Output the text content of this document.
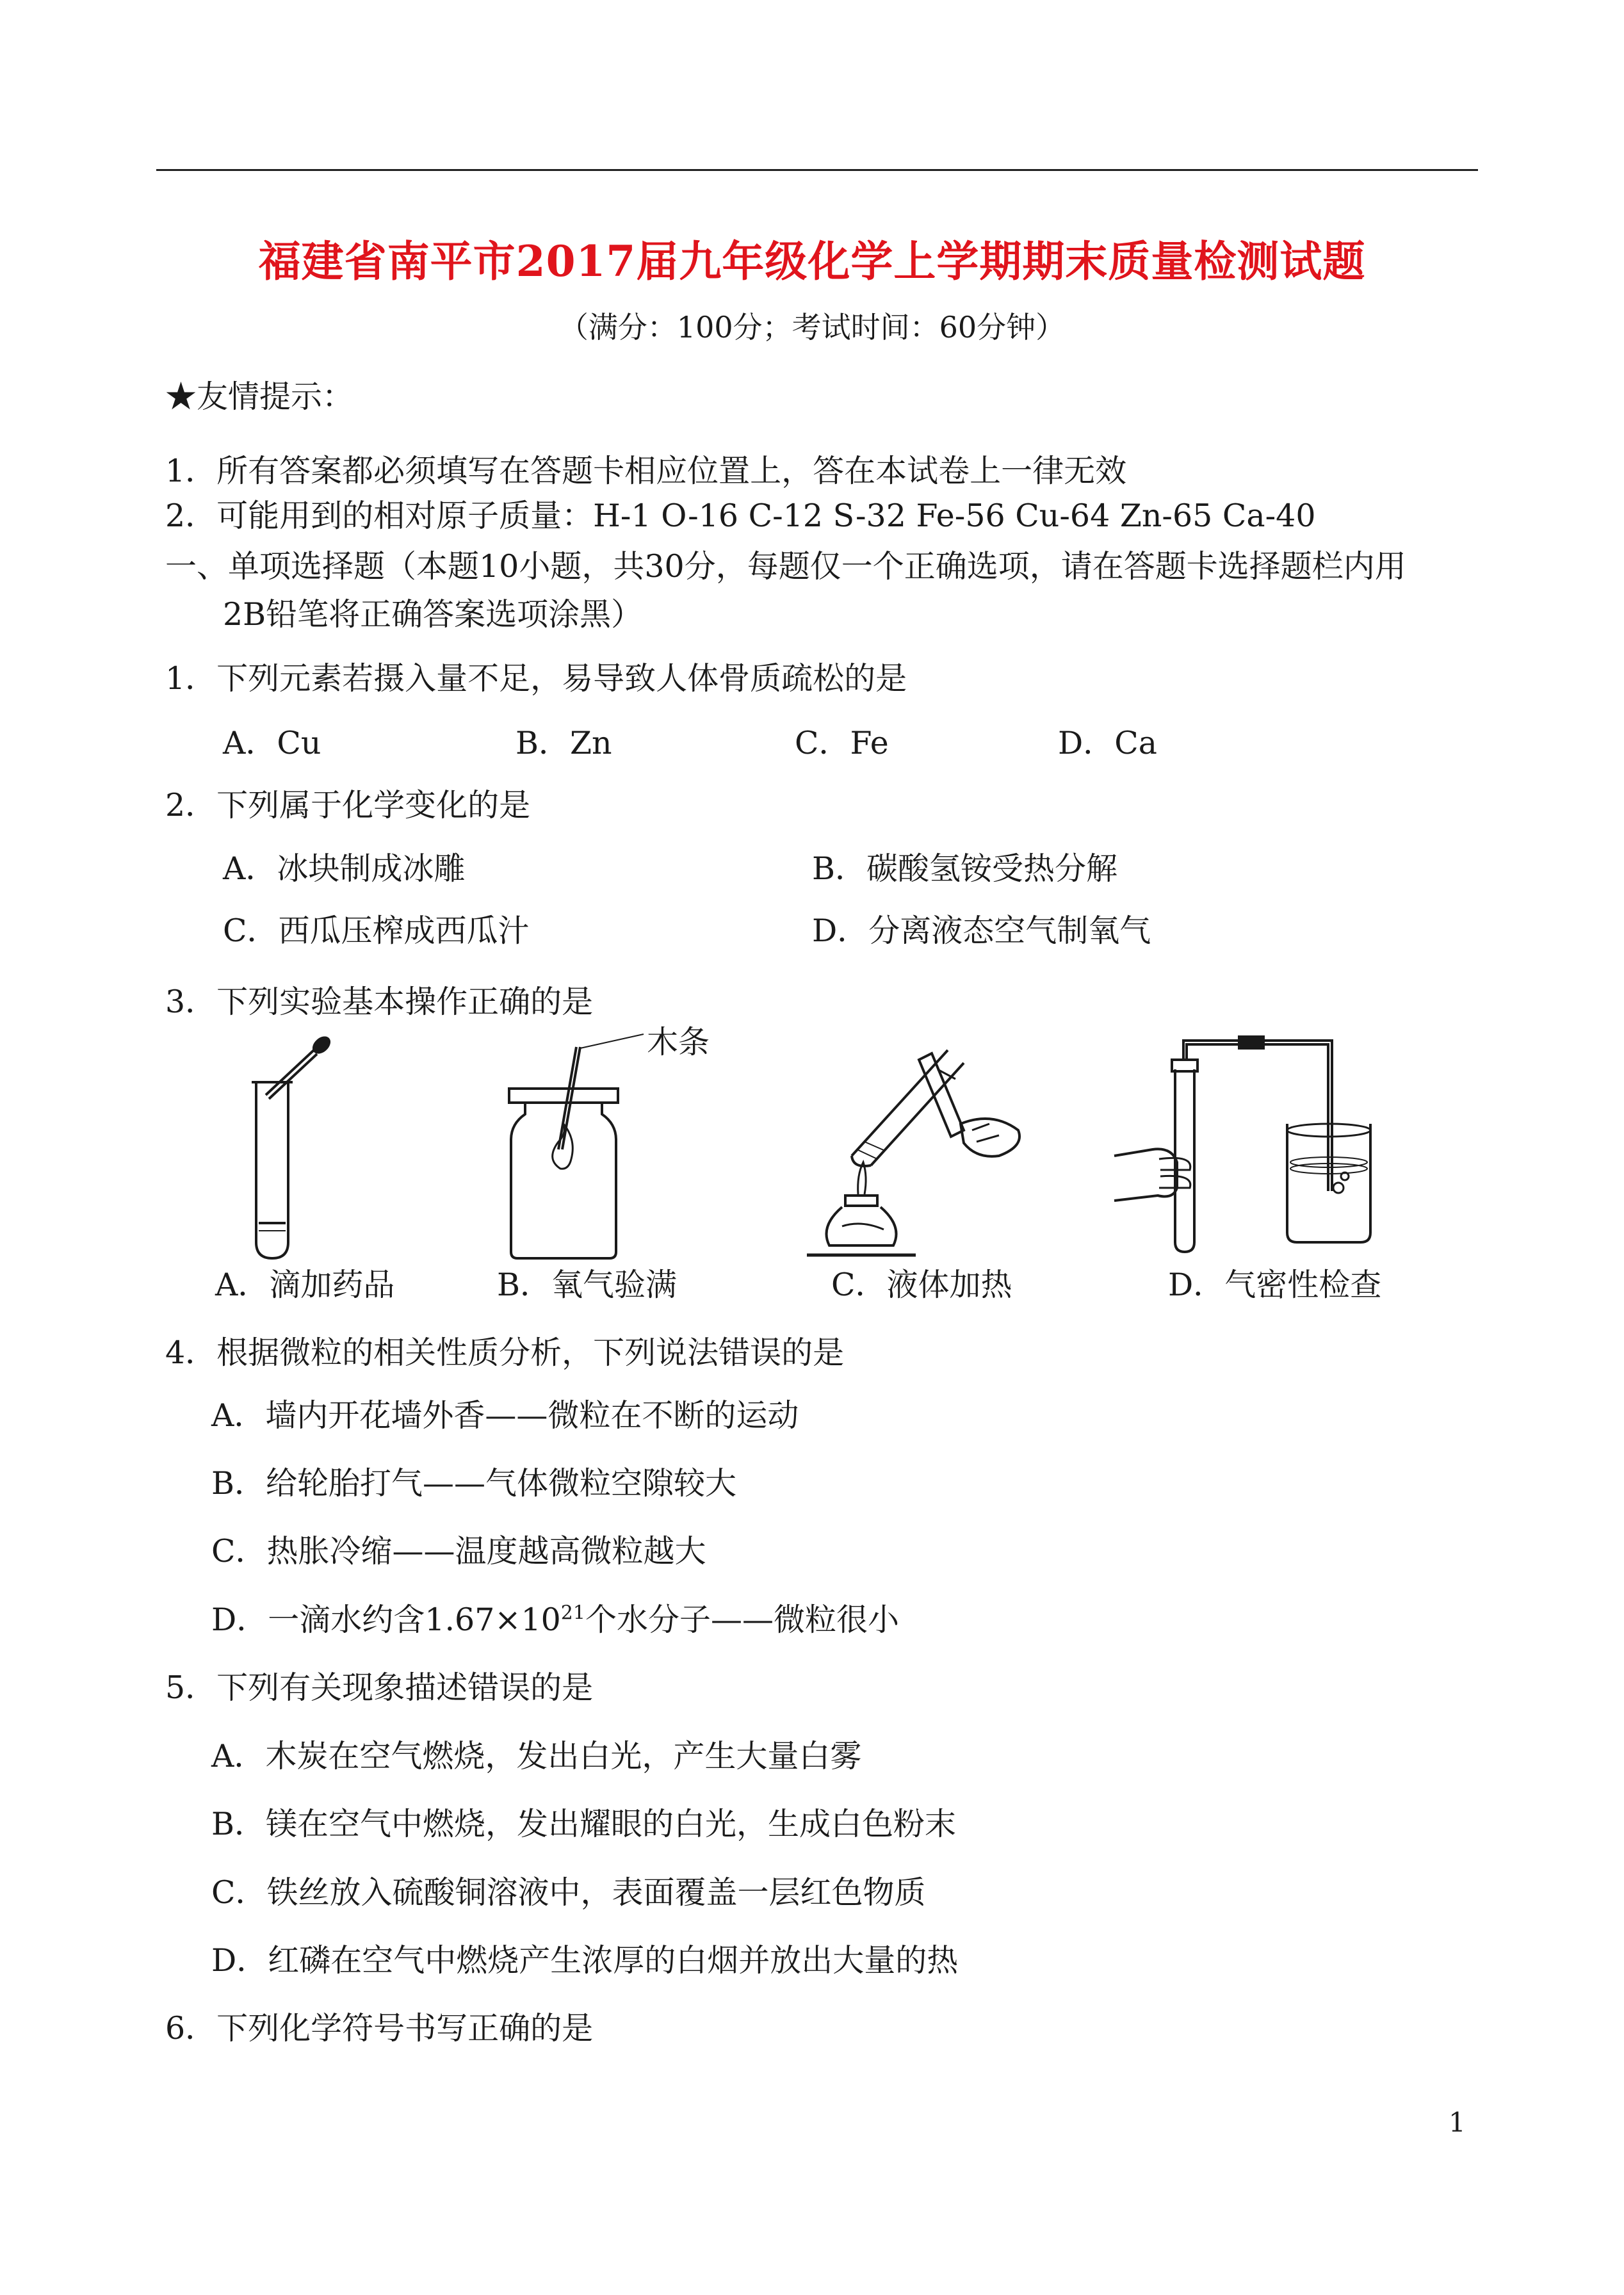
福建省南平市2017届九年级化学上学期期末质量检测试题
（满分：100分；考试时间：60分钟）
★友情提示：
1．所有答案都必须填写在答题卡相应位置上，答在本试卷上一律无效
2．可能用到的相对原子质量：H-1 O-16 C-12 S-32 Fe-56 Cu-64 Zn-65 Ca-40
一、单项选择题（本题10小题，共30分，每题仅一个正确选项，请在答题卡选择题栏内用
2B铅笔将正确答案选项涂黑）
1．下列元素若摄入量不足，易导致人体骨质疏松的是
A．Cu	B．Zn	C．Fe	D．Ca
2．下列属于化学变化的是
A．冰块制成冰雕	B．碳酸氢铵受热分解
C．西瓜压榨成西瓜汁	D．分离液态空气制氧气
3．下列实验基本操作正确的是
A．滴加药品
木条
B．氧气验满	C．液体加热	D．气密性检查
4．根据微粒的相关性质分析，下列说法错误的是
A．墙内开花墙外香——微粒在不断的运动
B．给轮胎打气——气体微粒空隙较大
C．热胀冷缩——温度越高微粒越大
D．一滴水约含$1.67\times 10^{21}$个水分子——微粒很小
5．下列有关现象描述错误的是
A．木炭在空气燃烧，发出白光，产生大量白雾
B．镁在空气中燃烧，发出耀眼的白光，生成白色粉末
C．铁丝放入硫酸铜溶液中，表面覆盖一层红色物质
D．红磷在空气中燃烧产生浓厚的白烟并放出大量的热
6．下列化学符号书写正确的是
1
